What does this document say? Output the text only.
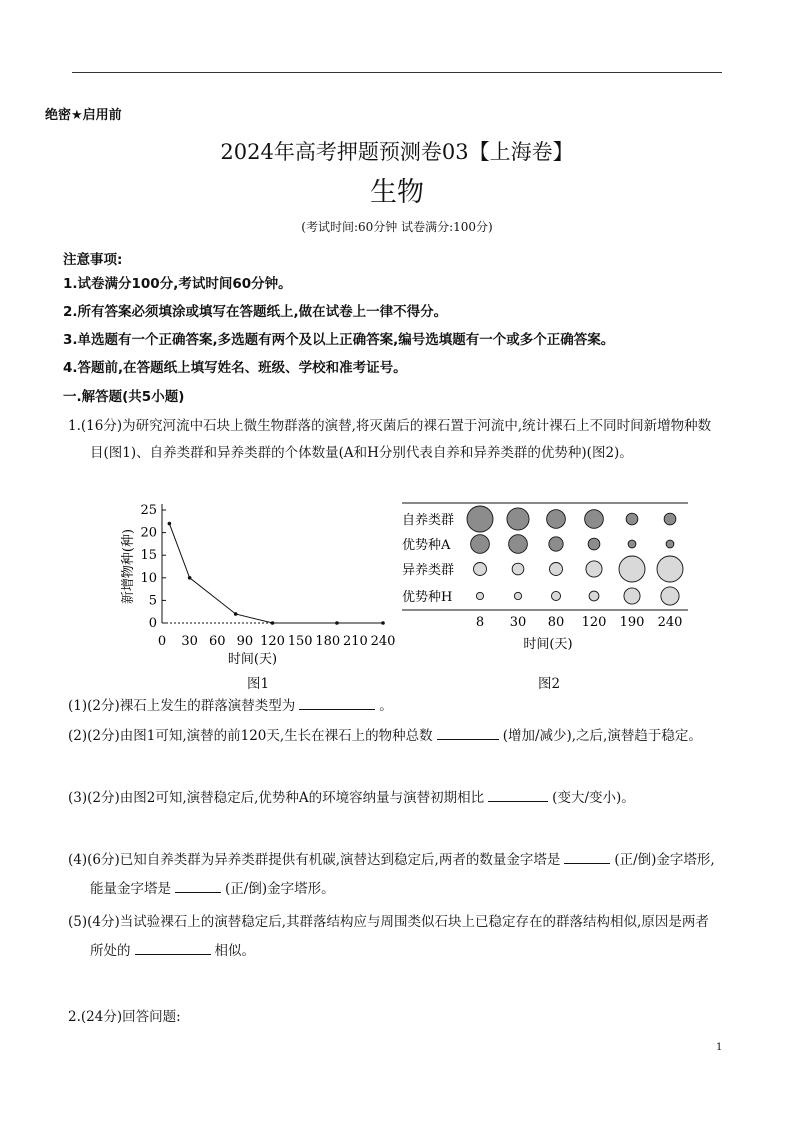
绝密★启用前
2024年高考押题预测卷03【上海卷】
生物
(考试时间:60分钟 试卷满分:100分)
注意事项:
1.试卷满分100分,考试时间60分钟。
2.所有答案必须填涂或填写在答题纸上,做在试卷上一律不得分。
3.单选题有一个正确答案,多选题有两个及以上正确答案,编号选填题有一个或多个正确答案。
4.答题前,在答题纸上填写姓名、班级、学校和准考证号。
一.解答题(共5小题)
1.(16分)为研究河流中石块上微生物群落的演替,将灭菌后的裸石置于河流中,统计裸石上不同时间新增物种数目(图1)、自养类群和异养类群的个体数量(A和H分别代表自养和异养类群的优势种)(图2)。
0
5
10
15
20
25
0 30 60 90 120 150 180 210 240
新增物种(种)
时间(天)
自养类群
优势种A
异养类群
优势种H
8 30 80 120 190 240
时间(天)
图1	图2
(1)(2分)裸石上发生的群落演替类型为	。
(2)(2分)由图1可知,演替的前120天,生长在裸石上的物种总数	(增加/减少),之后,演替趋于稳定。
(3)(2分)由图2可知,演替稳定后,优势种A的环境容纳量与演替初期相比	(变大/变小)。
(4)(6分)已知自养类群为异养类群提供有机碳,演替达到稳定后,两者的数量金字塔是	(正/倒)金字塔形,能量金字塔是	(正/倒)金字塔形。
(5)(4分)当试验裸石上的演替稳定后,其群落结构应与周围类似石块上已稳定存在的群落结构相似,原因是两者所处的	相似。
2.(24分)回答问题:
1
